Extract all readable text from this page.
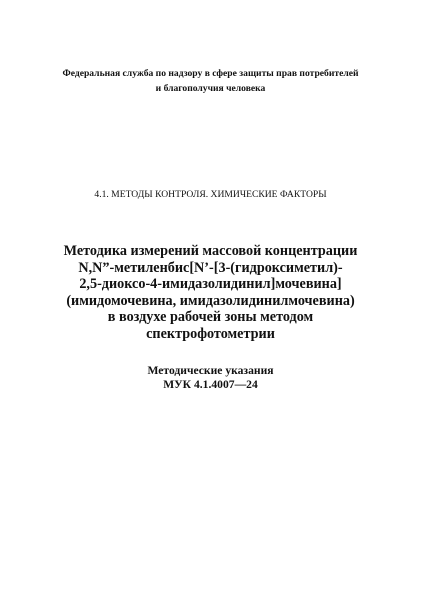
Федеральная служба по надзору в сфере защиты прав потребителей
и благополучия человека
4.1. МЕТОДЫ КОНТРОЛЯ. ХИМИЧЕСКИЕ ФАКТОРЫ
Методика измерений массовой концентрации
N,N”-метиленбис[N’-[3-(гидроксиметил)-
2,5-диоксо-4-имидазолидинил]мочевина]
(имидомочевина, имидазолидинилмочевина)
в воздухе рабочей зоны методом
спектрофотометрии
Методические указания
МУК 4.1.4007—24
